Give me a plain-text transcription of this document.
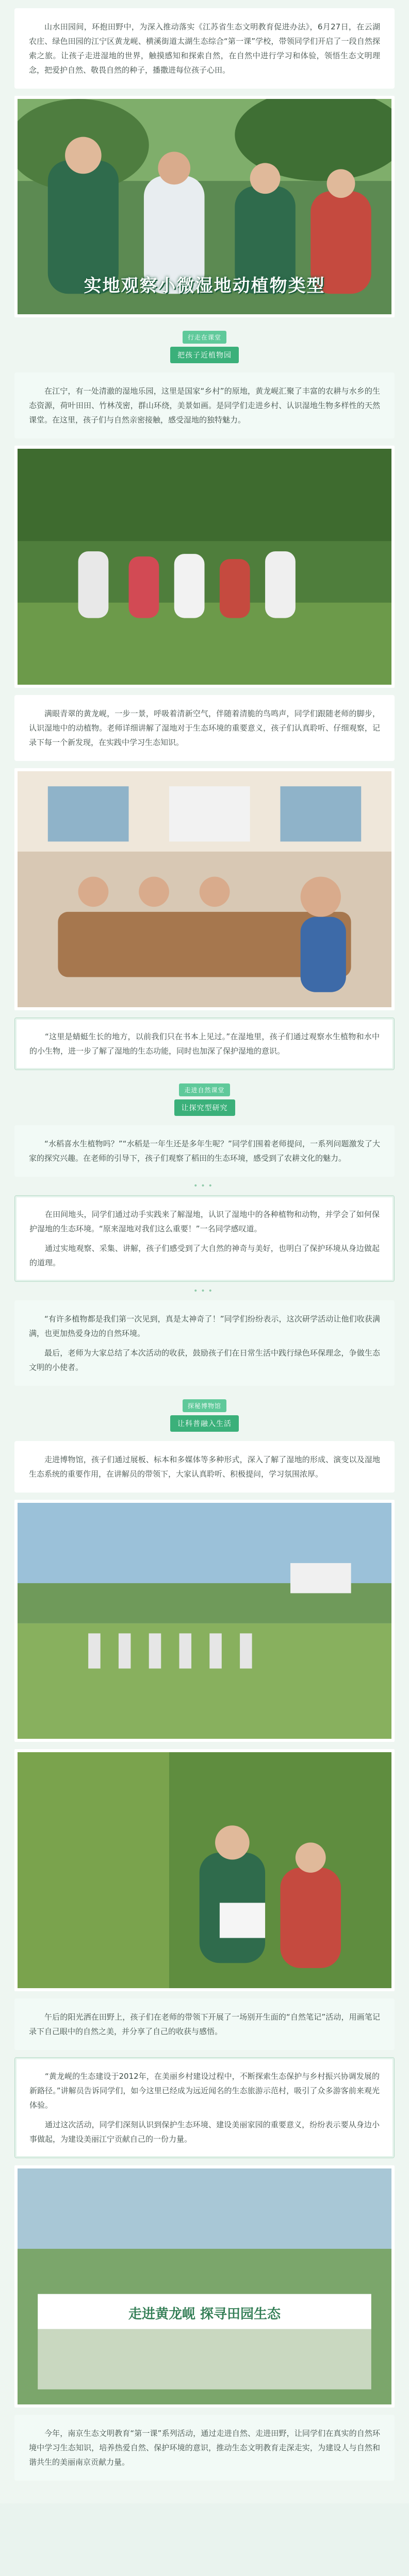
山水田园间，环抱田野中，为深入推动落实《江苏省生态文明教育促进办法》，6月27日，在云湖农庄、绿色田园的江宁区黄龙岘、横溪街道太湖生态综合“第一课”学校，带领同学们开启了一段自然探索之旅。让孩子走进湿地的世界，触摸感知和探索自然，在自然中进行学习和体验，领悟生态文明理念，把爱护自然、敬畏自然的种子，播撒进每位孩子心田。

实地观察小微湿地动植物类型
行走在课堂
把孩子近植物园

在江宁，有一处清澈的湿地乐园，这里是国家“乡村”的原地，黄龙岘汇聚了丰富的农耕与水乡的生态资源，荷叶田田、竹林茂密，群山环绕，美景如画。是同学们走进乡村、认识湿地生物多样性的天然课堂。在这里，孩子们与自然亲密接触，感受湿地的独特魅力。

满眼青翠的黄龙岘，一步一景，呼吸着清新空气，伴随着清脆的鸟鸣声，同学们跟随老师的脚步，认识湿地中的动植物。老师详细讲解了湿地对于生态环境的重要意义，孩子们认真聆听、仔细观察，记录下每一个新发现，在实践中学习生态知识。

“这里是蜻蜓生长的地方，以前我们只在书本上见过。”在湿地里，孩子们通过观察水生植物和水中的小生物，进一步了解了湿地的生态功能，同时也加深了保护湿地的意识。

走进自然课堂
让探究型研究

“水稻喜水生植物吗？”“水稻是一年生还是多年生呢？”同学们围着老师提问，一系列问题激发了大家的探究兴趣。在老师的引导下，孩子们观察了稻田的生态环境，感受到了农耕文化的魅力。

•••

在田间地头，同学们通过动手实践来了解湿地，认识了湿地中的各种植物和动物，并学会了如何保护湿地的生态环境。“原来湿地对我们这么重要！”一名同学感叹道。

通过实地观察、采集、讲解，孩子们感受到了大自然的神奇与美好，也明白了保护环境从身边做起的道理。

•••

“有许多植物都是我们第一次见到，真是太神奇了！”同学们纷纷表示，这次研学活动让他们收获满满，也更加热爱身边的自然环境。

最后，老师为大家总结了本次活动的收获，鼓励孩子们在日常生活中践行绿色环保理念，争做生态文明的小使者。

探秘博物馆
让科普融入生活

走进博物馆，孩子们通过展板、标本和多媒体等多种形式，深入了解了湿地的形成、演变以及湿地生态系统的重要作用，在讲解员的带领下，大家认真聆听、积极提问，学习氛围浓厚。

午后的阳光洒在田野上，孩子们在老师的带领下开展了一场别开生面的“自然笔记”活动，用画笔记录下自己眼中的自然之美，并分享了自己的收获与感悟。

“黄龙岘的生态建设于2012年，在美丽乡村建设过程中，不断探索生态保护与乡村振兴协调发展的新路径。”讲解员告诉同学们，如今这里已经成为远近闻名的生态旅游示范村，吸引了众多游客前来观光体验。

通过这次活动，同学们深刻认识到保护生态环境、建设美丽家园的重要意义，纷纷表示要从身边小事做起，为建设美丽江宁贡献自己的一份力量。

走进黄龙岘 探寻田园生态

今年，南京生态文明教育“第一课”系列活动，通过走进自然、走进田野，让同学们在真实的自然环境中学习生态知识，培养热爱自然、保护环境的意识，推动生态文明教育走深走实，为建设人与自然和谐共生的美丽南京贡献力量。
